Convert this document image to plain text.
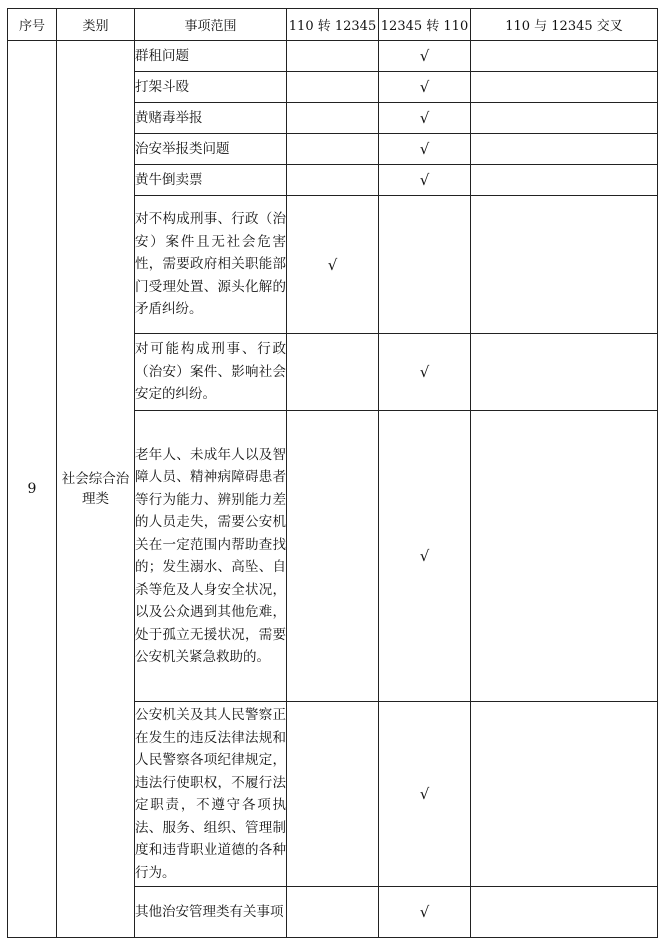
序号	类别	事项范围	110 转 12345	12345 转 110	110 与 12345 交叉
9	社会综合治理类	群租问题		√	
		打架斗殴		√	
		黄赌毒举报		√	
		治安举报类问题		√	
		黄牛倒卖票		√	
		对不构成刑事、行政（治安）案件且无社会危害性，需要政府相关职能部门受理处置、源头化解的矛盾纠纷。	√		
		对可能构成刑事、行政（治安）案件、影响社会安定的纠纷。		√	
		老年人、未成年人以及智障人员、精神病障碍患者等行为能力、辨别能力差的人员走失，需要公安机关在一定范围内帮助查找的；发生溺水、高坠、自杀等危及人身安全状况，以及公众遇到其他危难，处于孤立无援状况，需要公安机关紧急救助的。		√	
		公安机关及其人民警察正在发生的违反法律法规和人民警察各项纪律规定，违法行使职权，不履行法定职责，不遵守各项执法、服务、组织、管理制度和违背职业道德的各种行为。		√	
		其他治安管理类有关事项		√	
